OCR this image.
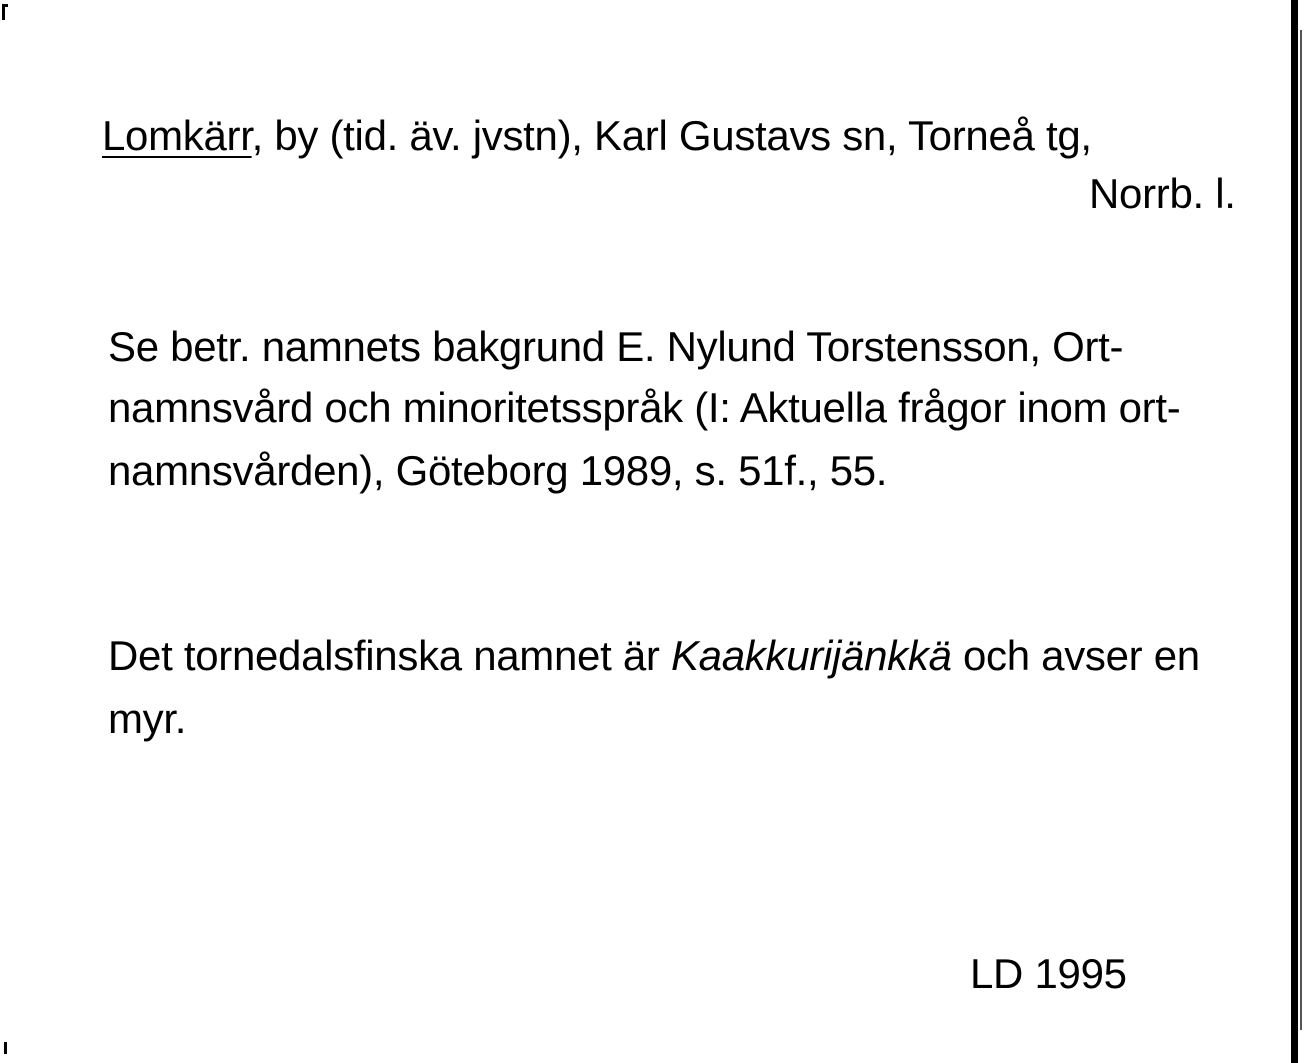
Lomkärr, by (tid. äv. jvstn), Karl Gustavs sn, Torneå tg,
Norrb. l.
Se betr. namnets bakgrund E. Nylund Torstensson, Ort-
namnsvård och minoritetsspråk (I: Aktuella frågor inom ort-
namnsvården), Göteborg 1989, s. 51f., 55.
Det tornedalsfinska namnet är Kaakkurijänkkä och avser en
myr.
LD 1995
